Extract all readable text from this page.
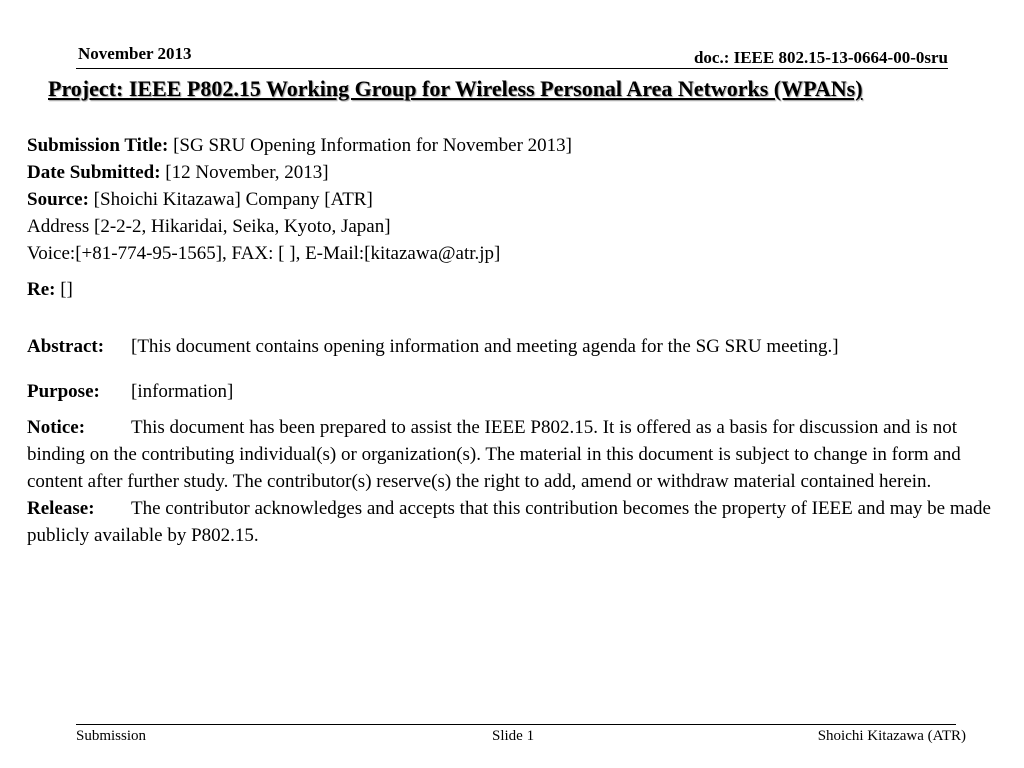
November 2013	doc.: IEEE 802.15-13-0664-00-0sru
Project: IEEE P802.15 Working Group for Wireless Personal Area Networks (WPANs)

Submission Title: [SG SRU Opening Information for November 2013]

Date Submitted: [12 November, 2013]

Source: [Shoichi Kitazawa] Company [ATR]

Address [2-2-2, Hikaridai, Seika, Kyoto, Japan]

Voice:[+81-774-95-1565], FAX: [ ], E-Mail:[kitazawa@atr.jp]

Re: []

Abstract:	[This document contains opening information and meeting agenda for the SG SRU meeting.]

Purpose:	[information]

Notice: This document has been prepared to assist the IEEE P802.15. It is offered as a basis for discussion and is not binding on the contributing individual(s) or organization(s). The material in this document is subject to change in form and content after further study. The contributor(s) reserve(s) the right to add, amend or withdraw material contained herein.

Release: The contributor acknowledges and accepts that this contribution becomes the property of IEEE and may be made publicly available by P802.15.

Submission	Slide 1	Shoichi Kitazawa (ATR)
